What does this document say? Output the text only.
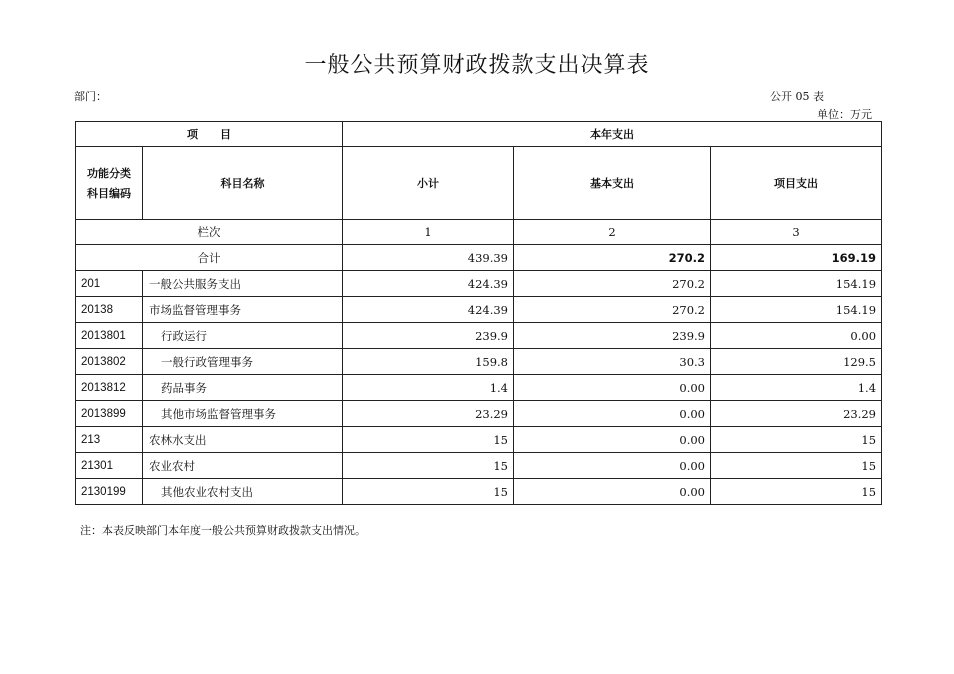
一般公共预算财政拨款支出决算表
部门：	公开 05 表
单位：万元
项　　目		本年支出		

功能分类
科目编码	科目名称	小计	基本支出	项目支出
栏次		1	2	3
合计		439.39	270.2	169.19
201	一般公共服务支出	424.39	270.2	154.19
20138	市场监督管理事务	424.39	270.2	154.19
2013801	行政运行	239.9	239.9	0.00
2013802	一般行政管理事务	159.8	30.3	129.5
2013812	药品事务	1.4	0.00	1.4
2013899	其他市场监督管理事务	23.29	0.00	23.29
213	农林水支出	15	0.00	15
21301	农业农村	15	0.00	15
2130199	其他农业农村支出	15	0.00	15
注：本表反映部门本年度一般公共预算财政拨款支出情况。
